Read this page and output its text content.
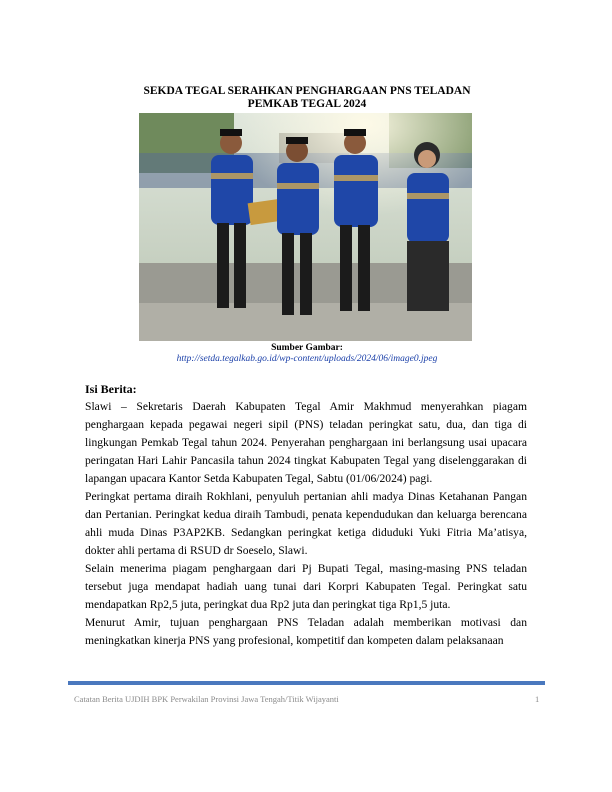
SEKDA TEGAL SERAHKAN PENGHARGAAN PNS TELADAN
PEMKAB TEGAL 2024
Sumber Gambar:
http://setda.tegalkab.go.id/wp-content/uploads/2024/06/image0.jpeg
Isi Berita:

Slawi – Sekretaris Daerah Kabupaten Tegal Amir Makhmud menyerahkan piagam penghargaan kepada pegawai negeri sipil (PNS) teladan peringkat satu, dua, dan tiga di lingkungan Pemkab Tegal tahun 2024. Penyerahan penghargaan ini berlangsung usai upacara peringatan Hari Lahir Pancasila tahun 2024 tingkat Kabupaten Tegal yang diselenggarakan di lapangan upacara Kantor Setda Kabupaten Tegal, Sabtu (01/06/2024) pagi.

Peringkat pertama diraih Rokhlani, penyuluh pertanian ahli madya Dinas Ketahanan Pangan dan Pertanian. Peringkat kedua diraih Tambudi, penata kependudukan dan keluarga berencana ahli muda Dinas P3AP2KB. Sedangkan peringkat ketiga diduduki Yuki Fitria Ma’atisya, dokter ahli pertama di RSUD dr Soeselo, Slawi.

Selain menerima piagam penghargaan dari Pj Bupati Tegal, masing-masing PNS teladan tersebut juga mendapat hadiah uang tunai dari Korpri Kabupaten Tegal. Peringkat satu mendapatkan Rp2,5 juta, peringkat dua Rp2 juta dan peringkat tiga Rp1,5 juta.

Menurut Amir, tujuan penghargaan PNS Teladan adalah memberikan motivasi dan meningkatkan kinerja PNS yang profesional, kompetitif dan kompeten dalam pelaksanaan

Catatan Berita UJDIH BPK Perwakilan Provinsi Jawa Tengah/Titik Wijayanti	1
